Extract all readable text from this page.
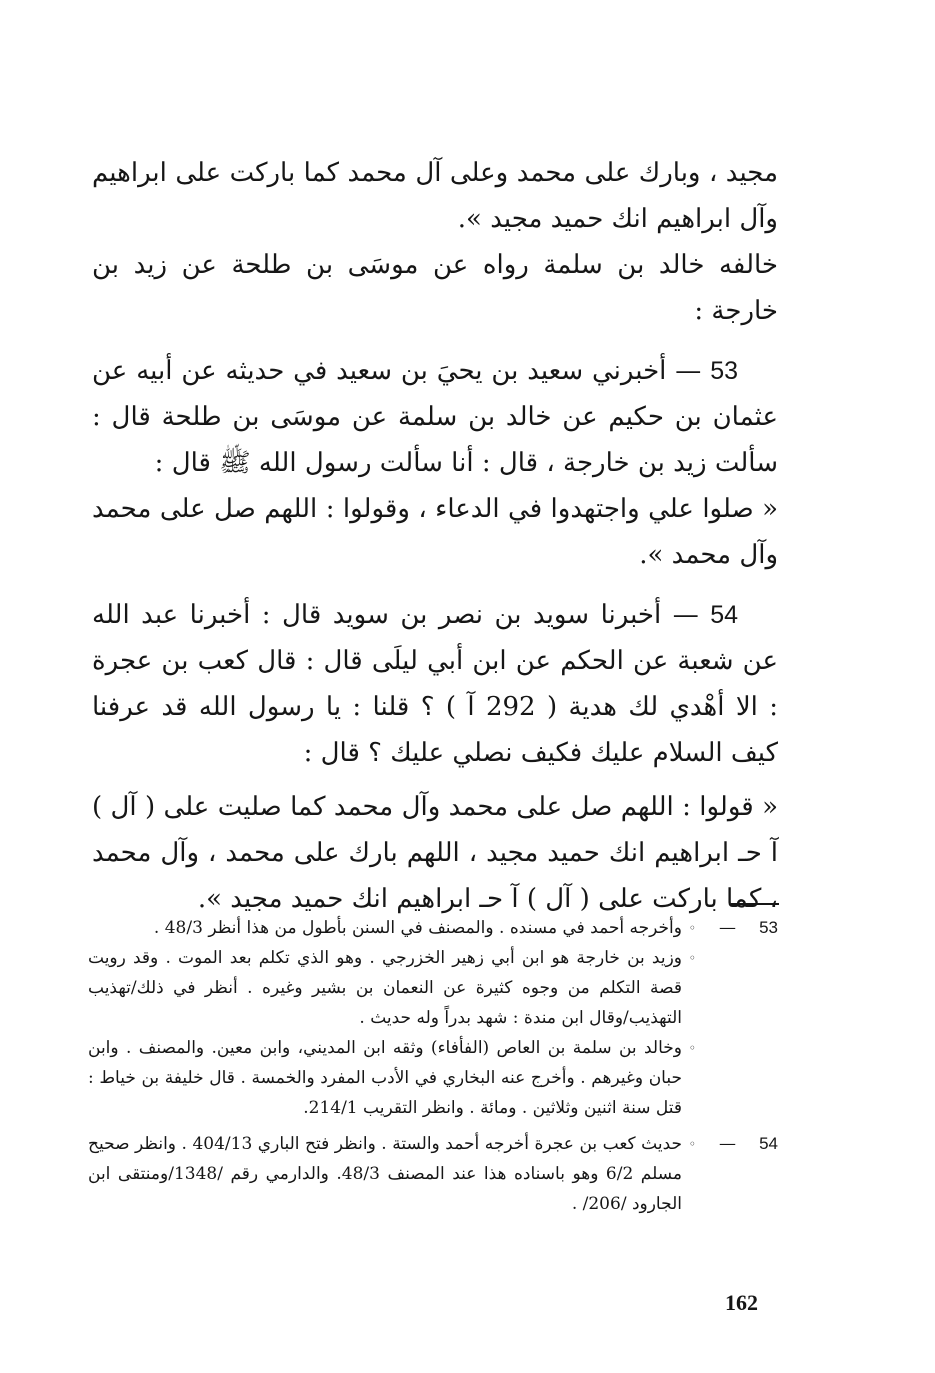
مجيد ، وبارك على محمد وعلى آل محمد كما باركت على ابراهيم وآل ابراهيم انك حميد مجيد ».

خالفه خالد بن سلمة رواه عن موسَى بن طلحة عن زيد بن خارجة :

53 — أخبرني سعيد بن يحيَ بن سعيد في حديثه عن أبيه عن عثمان بن حكيم عن خالد بن سلمة عن موسَى بن طلحة قال : سألت زيد بن خارجة ، قال : أنا سألت رسول الله ﷺ قال :

« صلوا علي واجتهدوا في الدعاء ، وقولوا : اللهم صل على محمد وآل محمد ».

54 — أخبرنا سويد بن نصر بن سويد قال : أخبرنا عبد الله عن شعبة عن الحكم عن ابن أبي ليلَى قال : قال كعب بن عجرة : الا أهْدي لك هدية ( 292 آ ) ؟ قلنا : يا رسول الله قد عرفنا كيف السلام عليك فكيف نصلي عليك ؟ قال :

« قولوا : اللهم صل على محمد وآل محمد كما صليت على ( آل ) آ حـ ابراهيم انك حميد مجيد ، اللهم بارك على محمد ، وآل محمد ، كما باركت على ( آل ) آ حـ ابراهيم انك حميد مجيد ».

53
—
◦

وأخرجه أحمد في مسنده . والمصنف في السنن بأطول من هذا أنظر 48/3 .

◦

وزيد بن خارجة هو ابن أبي زهير الخزرجي . وهو الذي تكلم بعد الموت . وقد رويت قصة التكلم من وجوه كثيرة عن النعمان بن بشير وغيره . أنظر في ذلك/تهذيب التهذيب/وقال ابن مندة : شهد بدراً وله حديث .

◦

وخالد بن سلمة بن العاص (الفأفاء) وثقه ابن المديني، وابن معين. والمصنف . وابن حبان وغيرهم . وأخرج عنه البخاري في الأدب المفرد والخمسة . قال خليفة بن خياط : قتل سنة اثنين وثلاثين . ومائة . وانظر التقريب 214/1.

54
—
◦

حديث كعب بن عجرة أخرجه أحمد والستة . وانظر فتح الباري 404/13 . وانظر صحيح مسلم 6/2 وهو باسناده هذا عند المصنف 48/3. والدارمي رقم /1348/ومنتقى ابن الجارود /206/ .

162
